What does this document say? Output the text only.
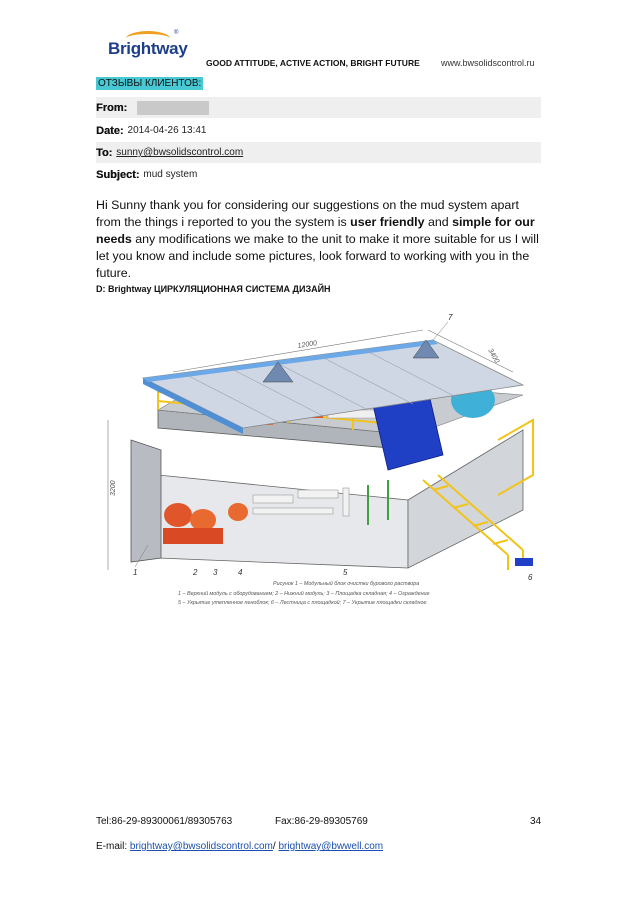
Brightway
®
GOOD ATTITUDE, ACTIVE ACTION, BRIGHT FUTURE www.bwsolidscontrol.ru
ОТЗЫВЫ КЛИЕНТОВ:
From:
Date: 2014-04-26 13:41
To: sunny@bwsolidscontrol.com
Subject: mud system
Hi Sunny thank you for considering our suggestions on the mud system apart from the things i reported to you the system is user friendly and simple for our needs any modifications we make to the unit to make it more suitable for us I will let you know and include some pictures, look forward to working with you in the future.
D: Brightway ЦИРКУЛЯЦИОННАЯ СИСТЕМА ДИЗАЙН
12000
3400
3200
1	2 3	4	5
6
7
Рисунок 1 – Модульный блок очистки бурового раствора
1 – Верхний модуль с оборудованием; 2 – Нижний модуль; 3 – Площадка складная; 4 – Ограждение
5 – Укрытие утепленное пеноблок; 6 – Лестница с площадкой; 7 – Укрытие площадки складное
Tel:86-29-89300061/89305763	Fax:86-29-89305769	34
E-mail: brightway@bwsolidscontrol.com/ brightway@bwwell.com
